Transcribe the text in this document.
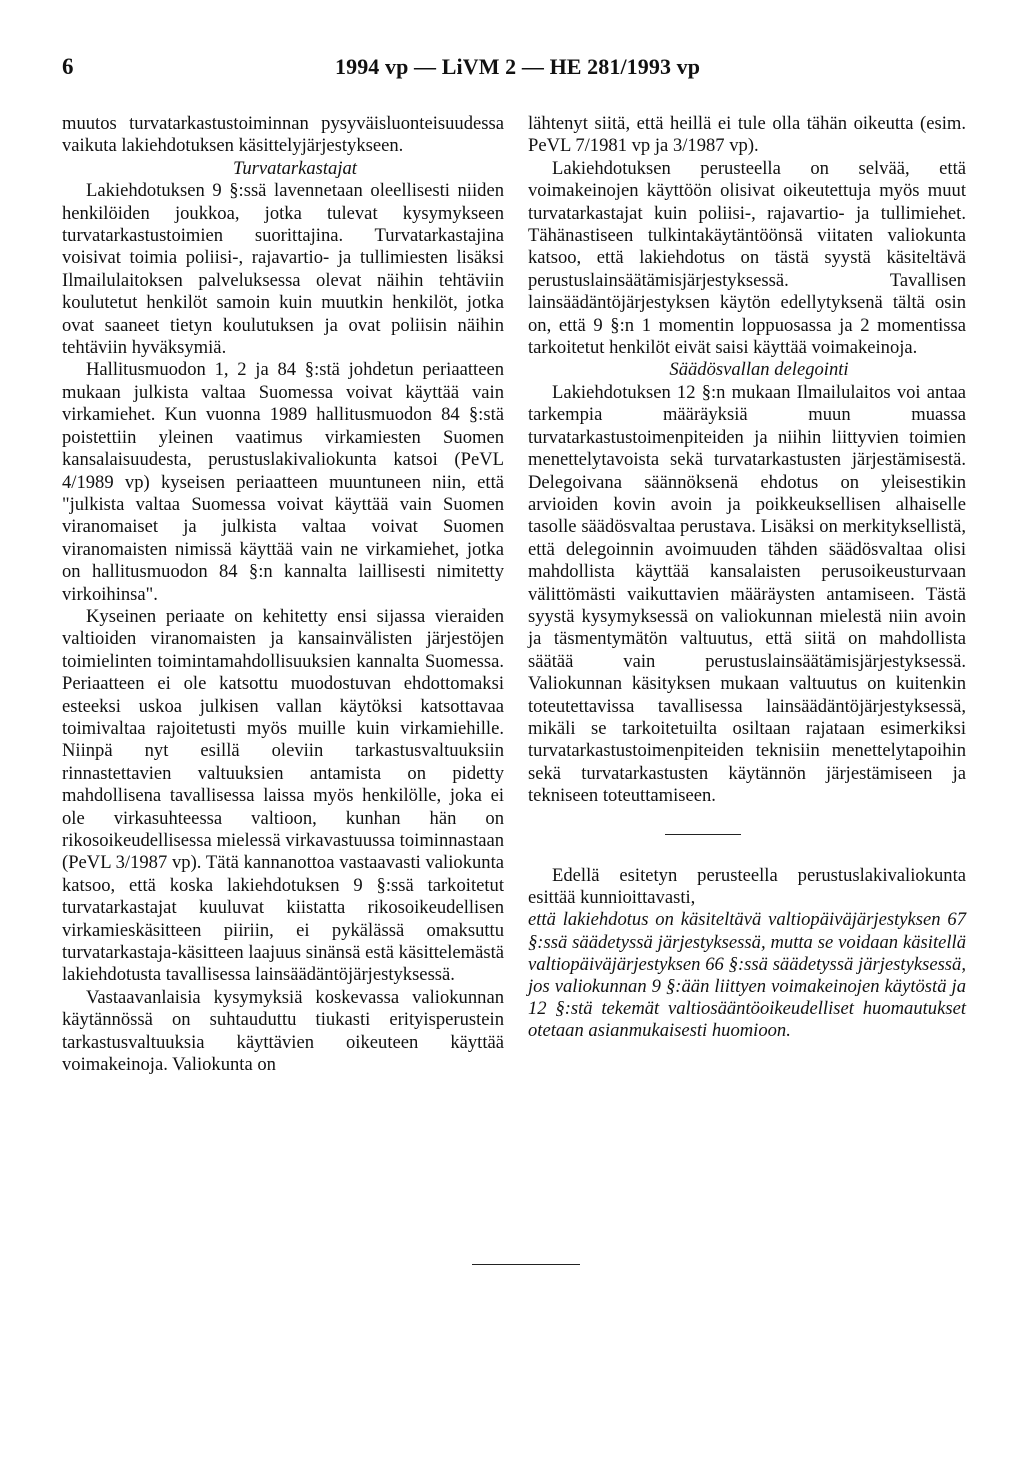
6	1994 vp — LiVM 2 — HE 281/1993 vp

muutos turvatarkastustoiminnan pysyväisluonteisuudessa vaikuta lakiehdotuksen käsittelyjärjestykseen.

Turvatarkastajat

Lakiehdotuksen 9 §:ssä lavennetaan oleellisesti niiden henkilöiden joukkoa, jotka tulevat kysymykseen turvatarkastustoimien suorittajina. Turvatarkastajina voisivat toimia poliisi-, rajavartio- ja tullimiesten lisäksi Ilmailulaitoksen palveluksessa olevat näihin tehtäviin koulutetut henkilöt samoin kuin muutkin henkilöt, jotka ovat saaneet tietyn koulutuksen ja ovat poliisin näihin tehtäviin hyväksymiä.

Hallitusmuodon 1, 2 ja 84 §:stä johdetun periaatteen mukaan julkista valtaa Suomessa voivat käyttää vain virkamiehet. Kun vuonna 1989 hallitusmuodon 84 §:stä poistettiin yleinen vaatimus virkamiesten Suomen kansalaisuudesta, perustuslakivaliokunta katsoi (PeVL 4/1989 vp) kyseisen periaatteen muuntuneen niin, että "julkista valtaa Suomessa voivat käyttää vain Suomen viranomaiset ja julkista valtaa voivat Suomen viranomaisten nimissä käyttää vain ne virkamiehet, jotka on hallitusmuodon 84 §:n kannalta laillisesti nimitetty virkoihinsa".

Kyseinen periaate on kehitetty ensi sijassa vieraiden valtioiden viranomaisten ja kansainvälisten järjestöjen toimielinten toimintamahdollisuuksien kannalta Suomessa. Periaatteen ei ole katsottu muodostuvan ehdottomaksi esteeksi uskoa julkisen vallan käytöksi katsottavaa toimivaltaa rajoitetusti myös muille kuin virkamiehille. Niinpä nyt esillä oleviin tarkastusvaltuuksiin rinnastettavien valtuuksien antamista on pidetty mahdollisena tavallisessa laissa myös henkilölle, joka ei ole virkasuhteessa valtioon, kunhan hän on rikosoikeudellisessa mielessä virkavastuussa toiminnastaan (PeVL 3/1987 vp). Tätä kannanottoa vastaavasti valiokunta katsoo, että koska lakiehdotuksen 9 §:ssä tarkoitetut turvatarkastajat kuuluvat kiistatta rikosoikeudellisen virkamieskäsitteen piiriin, ei pykälässä omaksuttu turvatarkastaja-käsitteen laajuus sinänsä estä käsittelemästä lakiehdotusta tavallisessa lainsäädäntöjärjestyksessä.

Vastaavanlaisia kysymyksiä koskevassa valiokunnan käytännössä on suhtauduttu tiukasti erityisperustein tarkastusvaltuuksia käyttävien oikeuteen käyttää voimakeinoja. Valiokunta on

lähtenyt siitä, että heillä ei tule olla tähän oikeutta (esim. PeVL 7/1981 vp ja 3/1987 vp).

Lakiehdotuksen perusteella on selvää, että voimakeinojen käyttöön olisivat oikeutettuja myös muut turvatarkastajat kuin poliisi-, rajavartio- ja tullimiehet. Tähänastiseen tulkintakäytäntöönsä viitaten valiokunta katsoo, että lakiehdotus on tästä syystä käsiteltävä perustuslainsäätämisjärjestyksessä. Tavallisen lainsäädäntöjärjestyksen käytön edellytyksenä tältä osin on, että 9 §:n 1 momentin loppuosassa ja 2 momentissa tarkoitetut henkilöt eivät saisi käyttää voimakeinoja.

Säädösvallan delegointi

Lakiehdotuksen 12 §:n mukaan Ilmailulaitos voi antaa tarkempia määräyksiä muun muassa turvatarkastustoimenpiteiden ja niihin liittyvien toimien menettelytavoista sekä turvatarkastusten järjestämisestä. Delegoivana säännöksenä ehdotus on yleisestikin arvioiden kovin avoin ja poikkeuksellisen alhaiselle tasolle säädösvaltaa perustava. Lisäksi on merkityksellistä, että delegoinnin avoimuuden tähden säädösvaltaa olisi mahdollista käyttää kansalaisten perusoikeusturvaan välittömästi vaikuttavien määräysten antamiseen. Tästä syystä kysymyksessä on valiokunnan mielestä niin avoin ja täsmentymätön valtuutus, että siitä on mahdollista säätää vain perustuslainsäätämisjärjestyksessä. Valiokunnan käsityksen mukaan valtuutus on kuitenkin toteutettavissa tavallisessa lainsäädäntöjärjestyksessä, mikäli se tarkoitetuilta osiltaan rajataan esimerkiksi turvatarkastustoimenpiteiden teknisiin menettelytapoihin sekä turvatarkastusten käytännön järjestämiseen ja tekniseen toteuttamiseen.

Edellä esitetyn perusteella perustuslakivaliokunta esittää kunnioittavasti,

että lakiehdotus on käsiteltävä valtiopäiväjärjestyksen 67 §:ssä säädetyssä järjestyksessä, mutta se voidaan käsitellä valtiopäiväjärjestyksen 66 §:ssä säädetyssä järjestyksessä, jos valiokunnan 9 §:ään liittyen voimakeinojen käytöstä ja 12 §:stä tekemät valtiosääntöoikeudelliset huomautukset otetaan asianmukaisesti huomioon.
